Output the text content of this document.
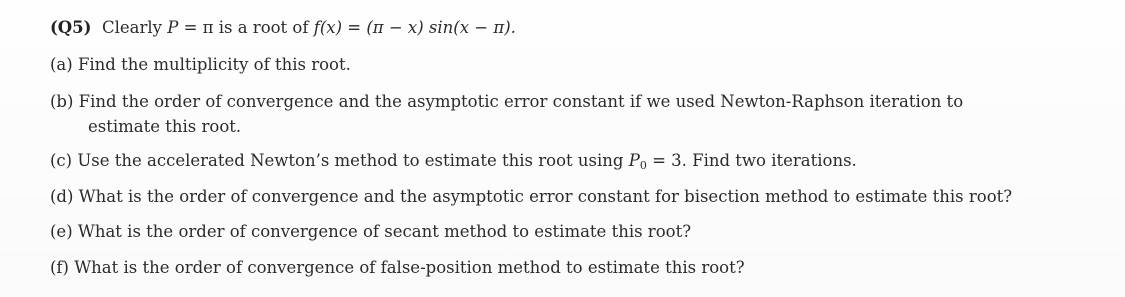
(Q5) Clearly P = π is a root of f(x) = (π − x) sin(x − π).
(a) Find the multiplicity of this root.
(b) Find the order of convergence and the asymptotic error constant if we used Newton-Raphson iteration to
estimate this root.
(c) Use the accelerated Newton’s method to estimate this root using $P_0 = 3$. Find two iterations.
(d) What is the order of convergence and the asymptotic error constant for bisection method to estimate this root?
(e) What is the order of convergence of secant method to estimate this root?
(f) What is the order of convergence of false-position method to estimate this root?
